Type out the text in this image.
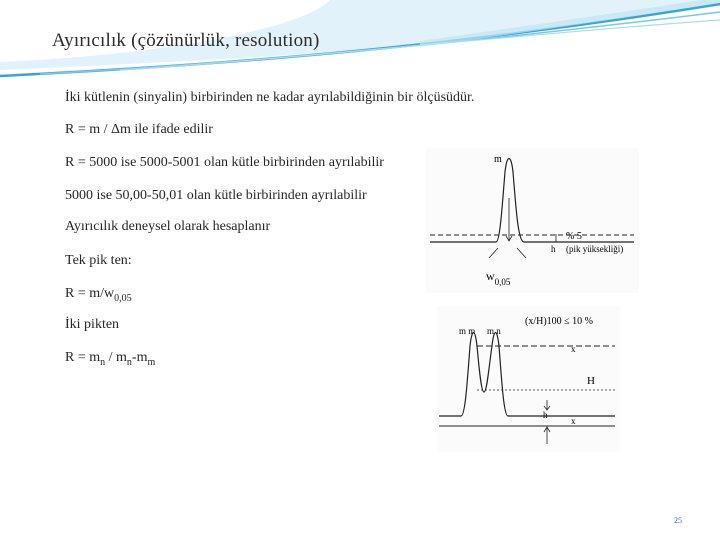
Ayırıcılık (çözünürlük, resolution)
İki kütlenin (sinyalin) birbirinden ne kadar ayrılabildiğinin bir ölçüsüdür.
R = m / Δm ile ifade edilir
R = 5000 ise 5000-5001 olan kütle birbirinden ayrılabilir
5000 ise 50,00-50,01 olan kütle birbirinden ayrılabilir
Ayırıcılık deneysel olarak hesaplanır
Tek pik ten:
$R = m/w_{0,05}$
İki pikten
$R = m_n / m_n-m_m$
m
% 5
(pik yüksekliği)
h
$w_{0,05}$
m m m n
(x/H)100 ≤ 10 %
x
H
x
h
25
